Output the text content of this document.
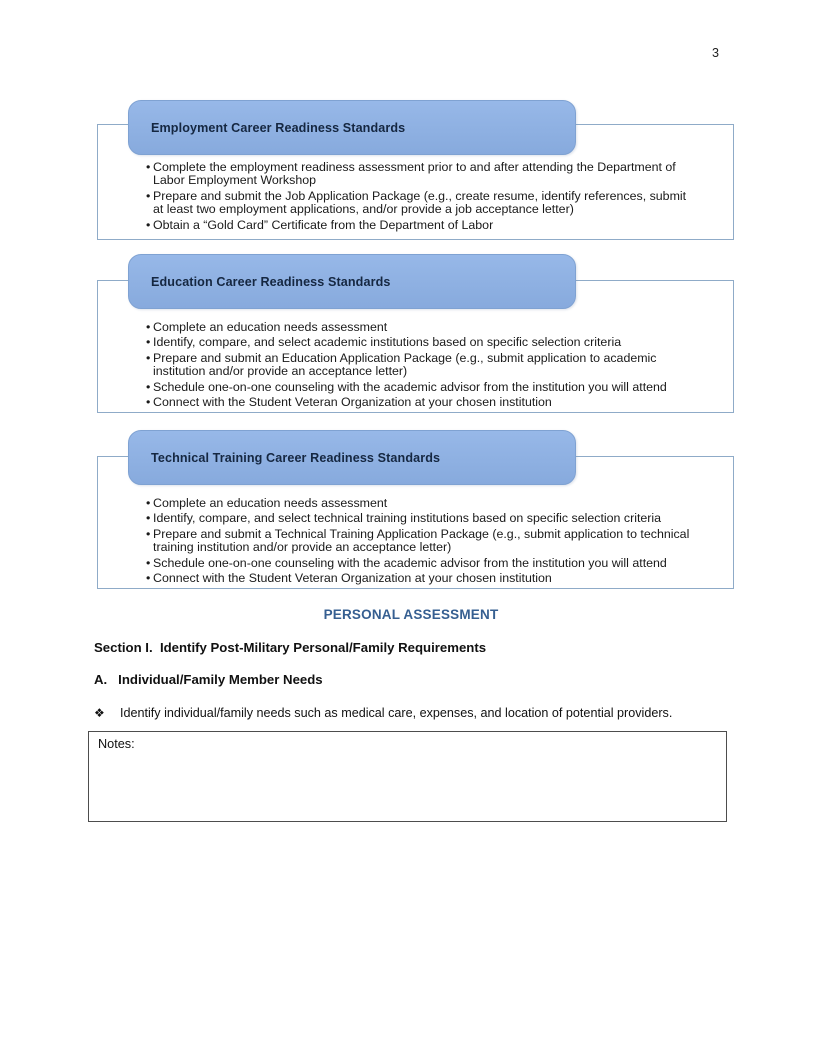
3
• Complete the employment readiness assessment prior to and after attending the Department of Labor Employment Workshop
• Prepare and submit the Job Application Package (e.g., create resume, identify references, submit at least two employment applications, and/or provide a job acceptance letter)
• Obtain a “Gold Card” Certificate from the Department of Labor
Employment Career Readiness Standards
• Complete an education needs assessment
• Identify, compare, and select academic institutions based on specific selection criteria
• Prepare and submit an Education Application Package (e.g., submit application to academic institution and/or provide an acceptance letter)
• Schedule one-on-one counseling with the academic advisor from the institution you will attend
• Connect with the Student Veteran Organization at your chosen institution
Education Career Readiness Standards
• Complete an education needs assessment
• Identify, compare, and select technical training institutions based on specific selection criteria
• Prepare and submit a Technical Training Application Package (e.g., submit application to technical training institution and/or provide an acceptance letter)
• Schedule one-on-one counseling with the academic advisor from the institution you will attend
• Connect with the Student Veteran Organization at your chosen institution
Technical Training Career Readiness Standards
PERSONAL ASSESSMENT
Section I.  Identify Post-Military Personal/Family Requirements
A.   Individual/Family Member Needs
❖	Identify individual/family needs such as medical care, expenses, and location of potential providers.
Notes:
